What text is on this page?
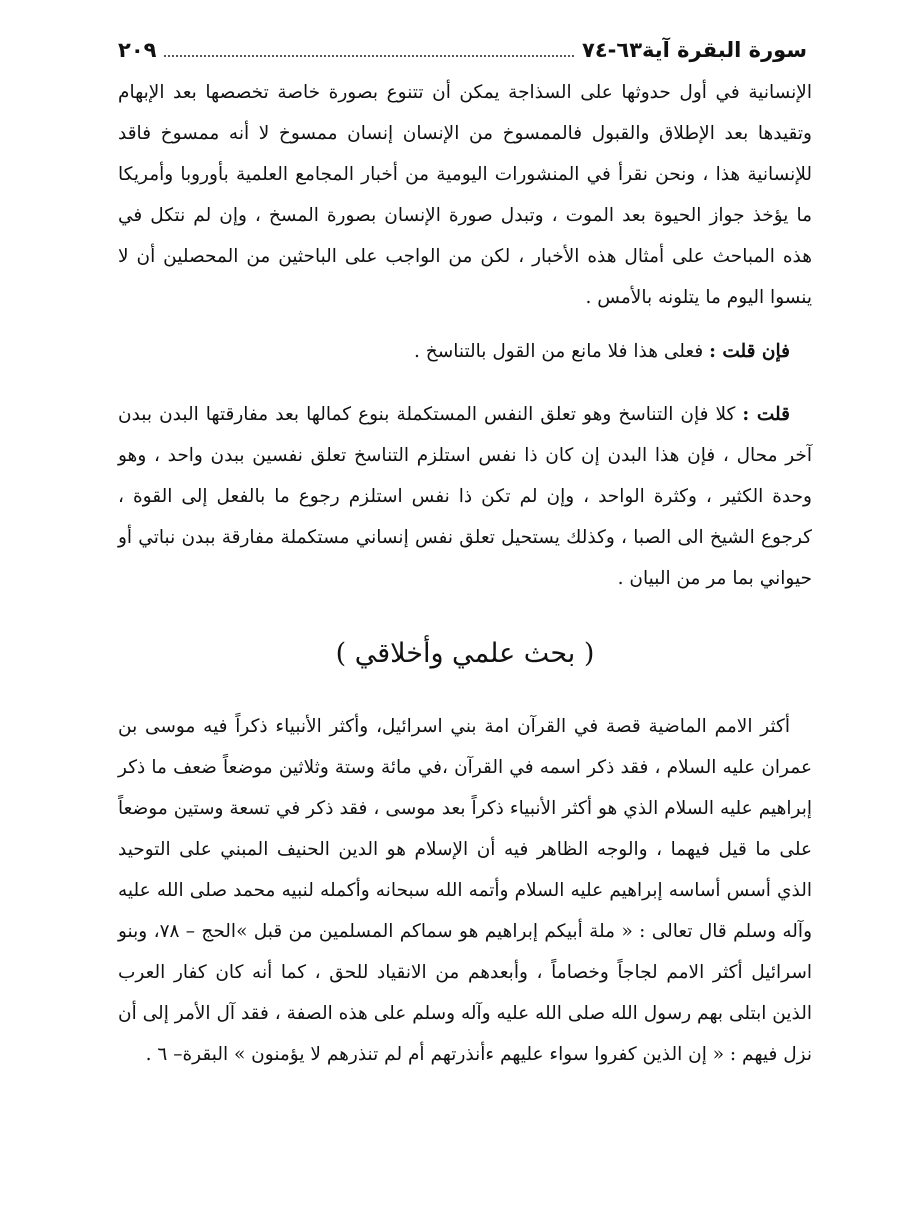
سورة البقرة آية٦٣-٧٤
٢٠٩

الإنسانية في أول حدوثها على السذاجة يمكن أن تتنوع بصورة خاصة تخصصها بعد الإبهام وتقيدها بعد الإطلاق والقبول فالممسوخ من الإنسان إنسان ممسوخ لا أنه ممسوخ فاقد للإنسانية هذا ، ونحن نقرأ في المنشورات اليومية من أخبار المجامع العلمية بأوروبا وأمريكا ما يؤخذ جواز الحيوة بعد الموت ، وتبدل صورة الإنسان بصورة المسخ ، وإن لم نتكل في هذه المباحث على أمثال هذه الأخبار ، لكن من الواجب على الباحثين من المحصلين أن لا ينسوا اليوم ما يتلونه بالأمس .

فإن قلت : فعلى هذا فلا مانع من القول بالتناسخ .

قلت : كلا فإن التناسخ وهو تعلق النفس المستكملة بنوع كمالها بعد مفارقتها البدن ببدن آخر محال ، فإن هذا البدن إن كان ذا نفس استلزم التناسخ تعلق نفسين ببدن واحد ، وهو وحدة الكثير ، وكثرة الواحد ، وإن لم تكن ذا نفس استلزم رجوع ما بالفعل إلى القوة ، كرجوع الشيخ الى الصبا ، وكذلك يستحيل تعلق نفس إنساني مستكملة مفارقة ببدن نباتي أو حيواني بما مر من البيان .

( بحث علمي وأخلاقي )

أكثر الامم الماضية قصة في القرآن امة بني اسرائيل، وأكثر الأنبياء ذكراً فيه موسى بن عمران عليه السلام ، فقد ذكر اسمه في القرآن ،في مائة وستة وثلاثين موضعاً ضعف ما ذكر إبراهيم عليه السلام الذي هو أكثر الأنبياء ذكراً بعد موسى ، فقد ذكر في تسعة وستين موضعاً على ما قيل فيهما ، والوجه الظاهر فيه أن الإسلام هو الدين الحنيف المبني على التوحيد الذي أسس أساسه إبراهيم عليه السلام وأتمه الله سبحانه وأكمله لنبيه محمد صلى الله عليه وآله وسلم قال تعالى : « ملة أبيكم إبراهيم هو سماكم المسلمين من قبل »الحج – ٧٨، وبنو اسرائيل أكثر الامم لجاجاً وخصاماً ، وأبعدهم من الانقياد للحق ، كما أنه كان كفار العرب الذين ابتلى بهم رسول الله صلى الله عليه وآله وسلم على هذه الصفة ، فقد آل الأمر إلى أن نزل فيهم : « إن الذين كفروا سواء عليهم ءأنذرتهم أم لم تنذرهم لا يؤمنون » البقرة– ٦ .
